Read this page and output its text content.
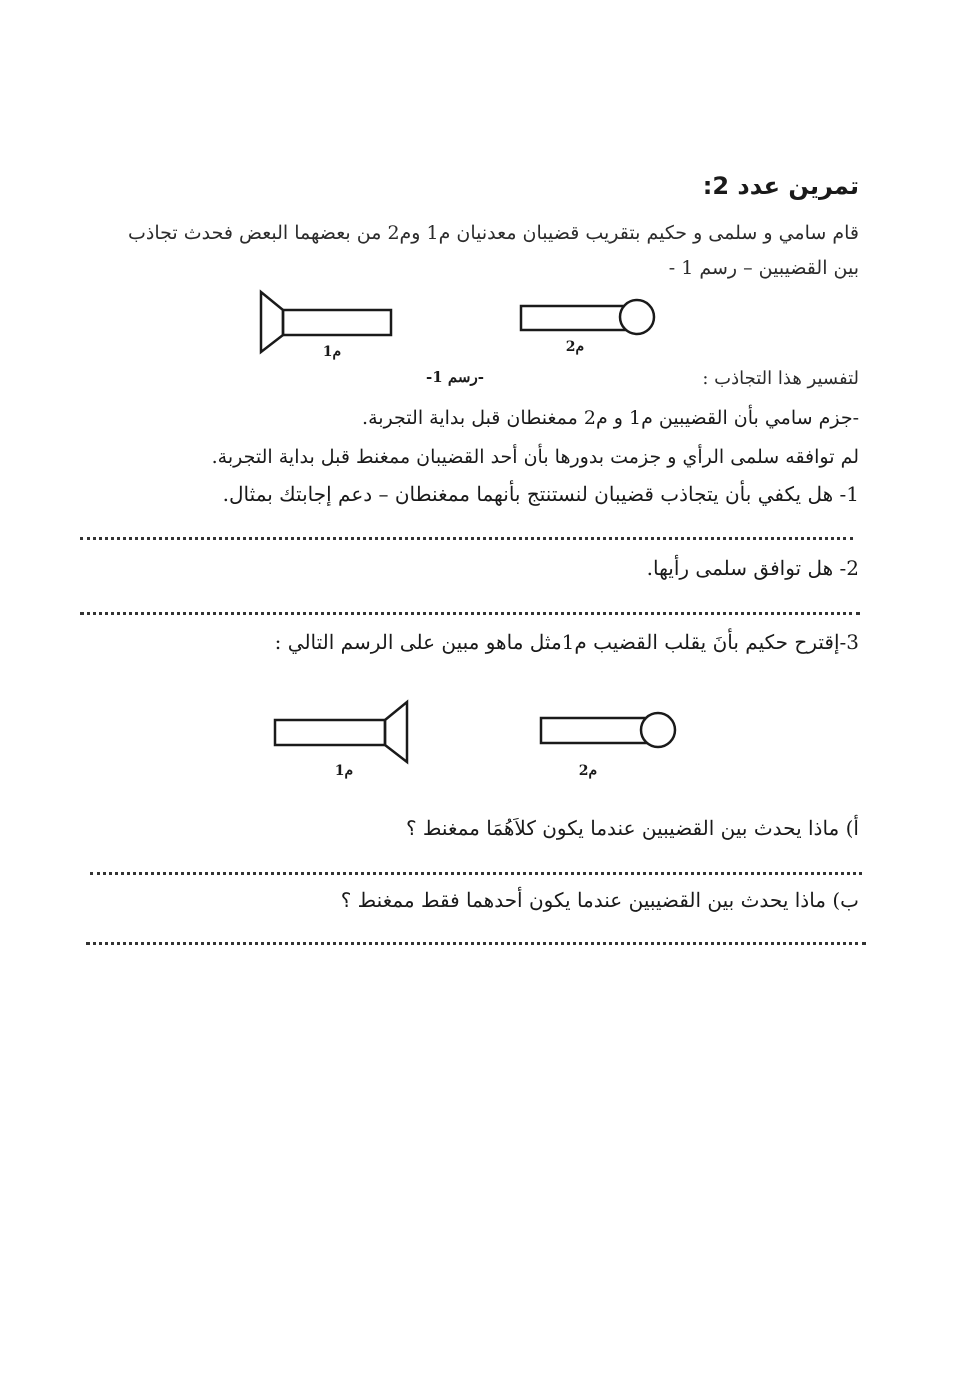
تمرين عدد 2:
قام سامي و سلمى و حكيم بتقريب قضيبان معدنيان م1 وم2 من بعضهما البعض فحدث تجاذب
بين القضيبين – رسم 1 -
م1	م2
م1	م2
-رسم 1-	لتفسير هذا التجاذب :
-جزم سامي بأن القضيبين م1 و م2 ممغنطان قبل بداية التجربة.
لم توافقه سلمى الرأي و جزمت بدورها بأن أحد القضيبان ممغنط قبل بداية التجربة.
1- هل يكفي بأن يتجاذب قضيبان لنستنتج بأنهما ممغنطان – دعم إجابتك بمثال.
2- هل توافق سلمى رأيها.
3-إقترح حكيم بأنَ يقلب القضيب م1مثل ماهو مبين على الرسم التالي :
أ) ماذا يحدث بين القضيبين عندما يكون كلاَهُمَا ممغنط ؟
ب) ماذا يحدث بين القضيبين عندما يكون أحدهما فقط ممغنط ؟
